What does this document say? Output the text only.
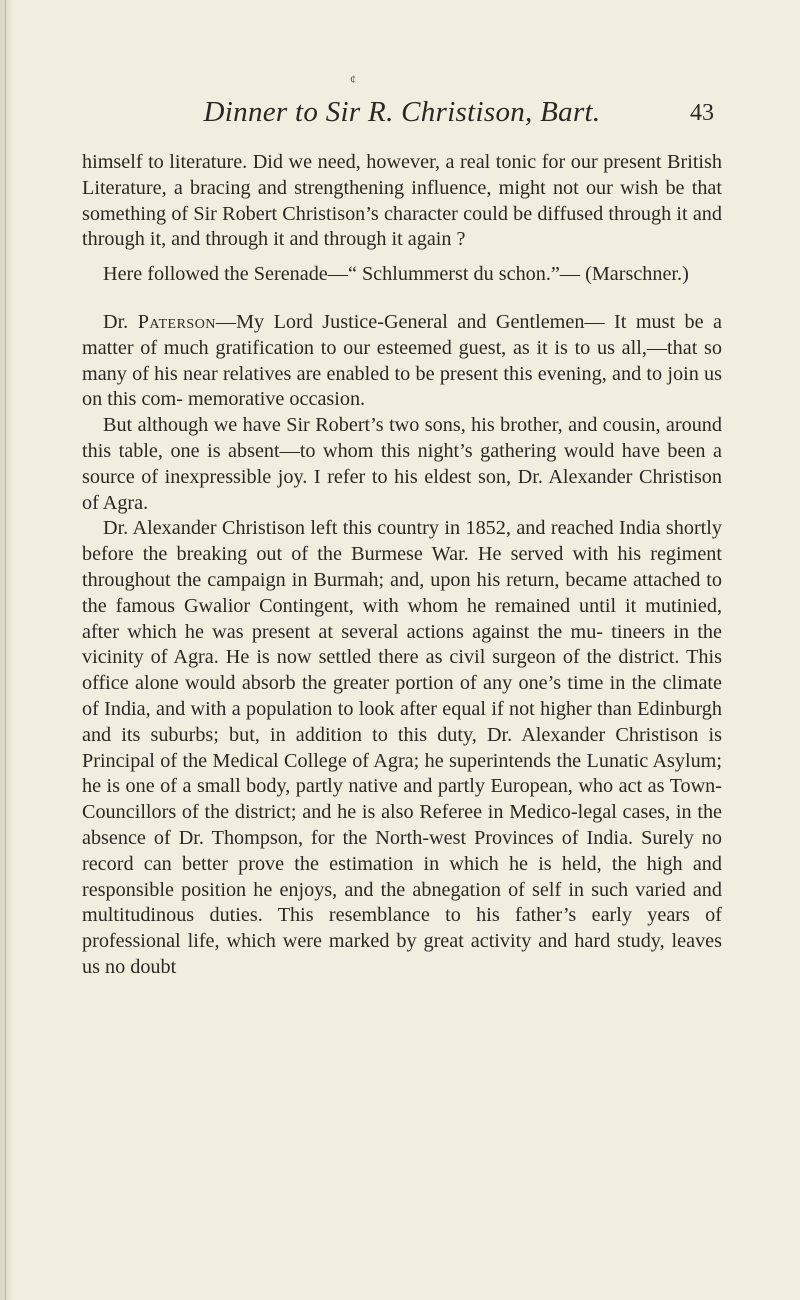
¢
Dinner to Sir R. Christison, Bart.	43

himself to literature. Did we need, however, a real tonic for our present British Literature, a bracing and strengthening influence, might not our wish be that something of Sir Robert Christison’s character could be diffused through it and through it, and through it and through it again ?

Here followed the Serenade—“ Schlummerst du schon.”— (Marschner.)

Dr. Paterson—My Lord Justice-General and Gentlemen— It must be a matter of much gratification to our esteemed guest, as it is to us all,—that so many of his near relatives are enabled to be present this evening, and to join us on this com- memorative occasion.

But although we have Sir Robert’s two sons, his brother, and cousin, around this table, one is absent—to whom this night’s gathering would have been a source of inexpressible joy. I refer to his eldest son, Dr. Alexander Christison of Agra.

Dr. Alexander Christison left this country in 1852, and reached India shortly before the breaking out of the Burmese War. He served with his regiment throughout the campaign in Burmah; and, upon his return, became attached to the famous Gwalior Contingent, with whom he remained until it mutinied, after which he was present at several actions against the mu- tineers in the vicinity of Agra. He is now settled there as civil surgeon of the district. This office alone would absorb the greater portion of any one’s time in the climate of India, and with a population to look after equal if not higher than Edinburgh and its suburbs; but, in addition to this duty, Dr. Alexander Christison is Principal of the Medical College of Agra; he superintends the Lunatic Asylum; he is one of a small body, partly native and partly European, who act as Town-Councillors of the district; and he is also Referee in Medico-legal cases, in the absence of Dr. Thompson, for the North-west Provinces of India. Surely no record can better prove the estimation in which he is held, the high and responsible position he enjoys, and the abnegation of self in such varied and multitudinous duties. This resemblance to his father’s early years of professional life, which were marked by great activity and hard study, leaves us no doubt
